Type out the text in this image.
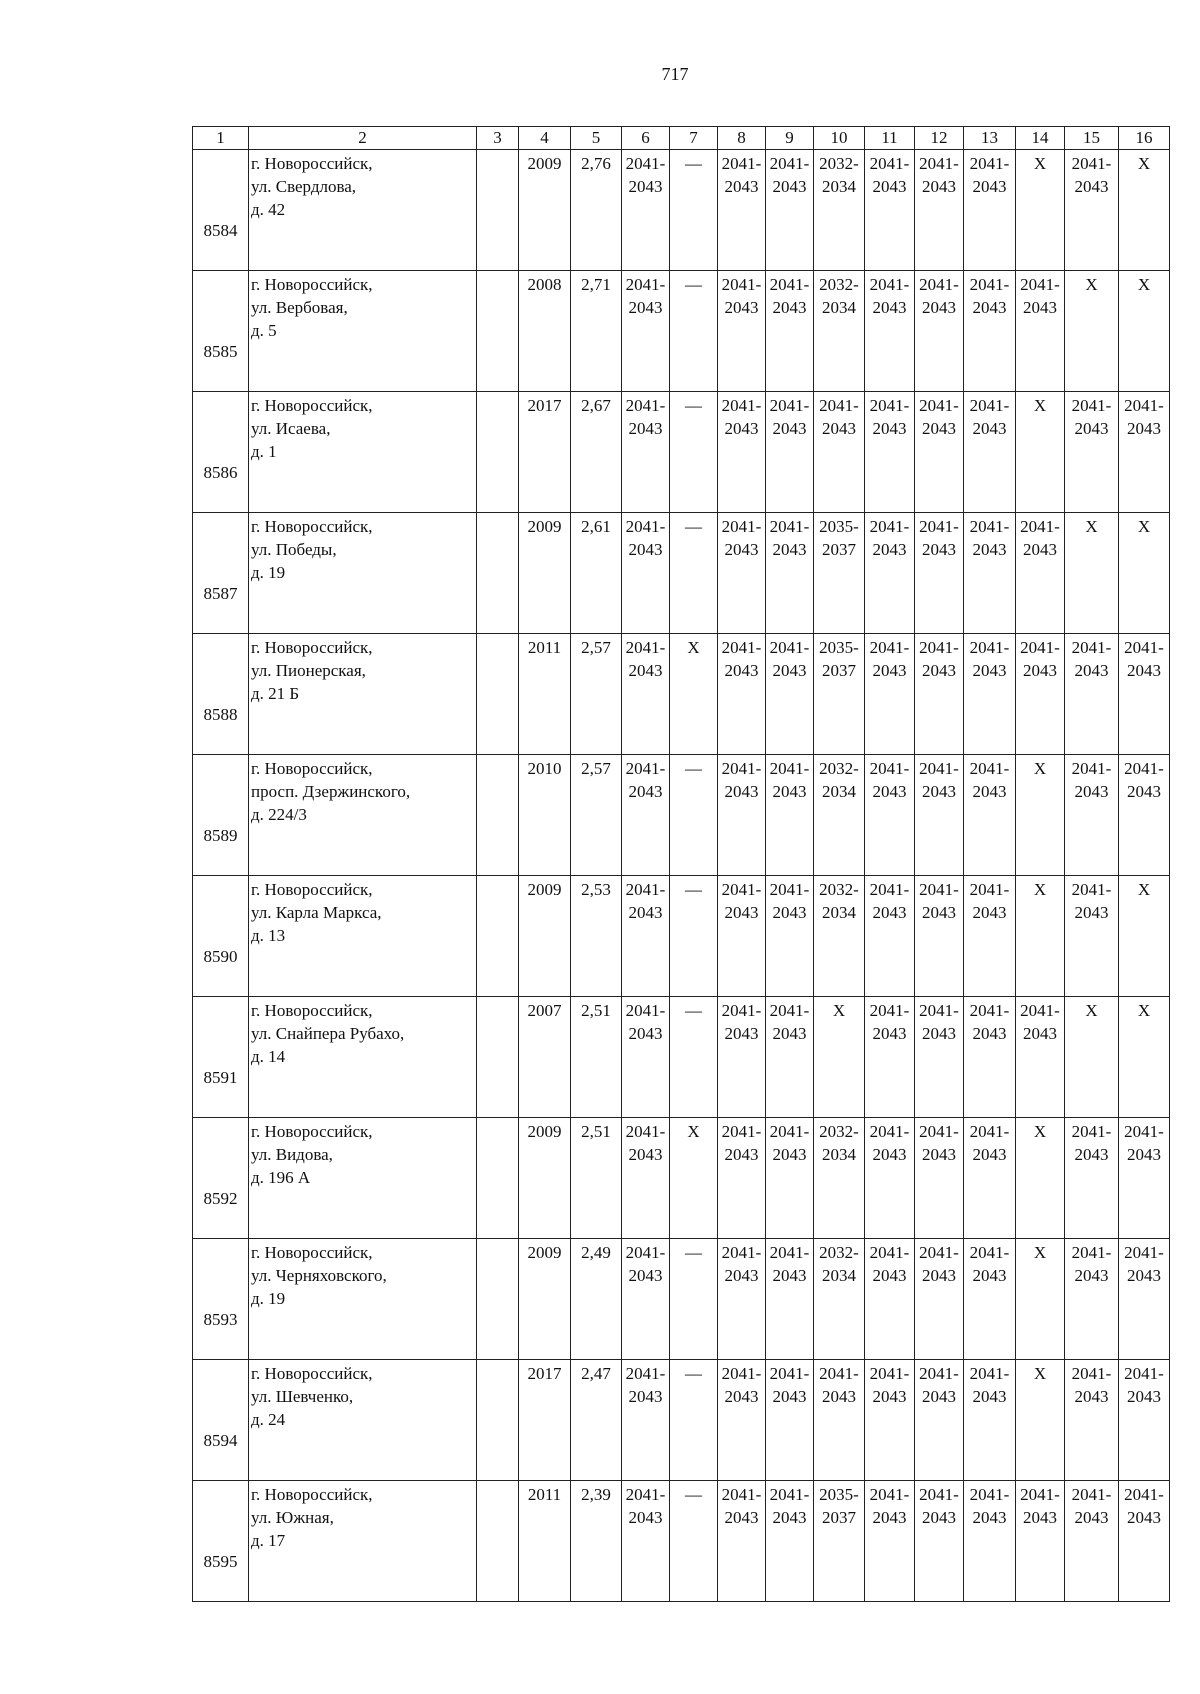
717
1	2	3	4	5	6	7	8	9	10	11	12	13	14	15	16
8584	г. Новороссийск,
ул. Свердлова,
д. 42		2009	2,76	2041-2043	—	2041-2043	2041-2043	2032-2034	2041-2043	2041-2043	2041-2043	X	2041-2043	X
8585	г. Новороссийск,
ул. Вербовая,
д. 5		2008	2,71	2041-2043	—	2041-2043	2041-2043	2032-2034	2041-2043	2041-2043	2041-2043	2041-2043	X	X
8586	г. Новороссийск,
ул. Исаева,
д. 1		2017	2,67	2041-2043	—	2041-2043	2041-2043	2041-2043	2041-2043	2041-2043	2041-2043	X	2041-2043	2041-2043
8587	г. Новороссийск,
ул. Победы,
д. 19		2009	2,61	2041-2043	—	2041-2043	2041-2043	2035-2037	2041-2043	2041-2043	2041-2043	2041-2043	X	X
8588	г. Новороссийск,
ул. Пионерская,
д. 21 Б		2011	2,57	2041-2043	X	2041-2043	2041-2043	2035-2037	2041-2043	2041-2043	2041-2043	2041-2043	2041-2043	2041-2043
8589	г. Новороссийск,
просп. Дзержинского,
д. 224/3		2010	2,57	2041-2043	—	2041-2043	2041-2043	2032-2034	2041-2043	2041-2043	2041-2043	X	2041-2043	2041-2043
8590	г. Новороссийск,
ул. Карла Маркса,
д. 13		2009	2,53	2041-2043	—	2041-2043	2041-2043	2032-2034	2041-2043	2041-2043	2041-2043	X	2041-2043	X
8591	г. Новороссийск,
ул. Снайпера Рубахо,
д. 14		2007	2,51	2041-2043	—	2041-2043	2041-2043	X	2041-2043	2041-2043	2041-2043	2041-2043	X	X
8592	г. Новороссийск,
ул. Видова,
д. 196 А		2009	2,51	2041-2043	X	2041-2043	2041-2043	2032-2034	2041-2043	2041-2043	2041-2043	X	2041-2043	2041-2043
8593	г. Новороссийск,
ул. Черняховского,
д. 19		2009	2,49	2041-2043	—	2041-2043	2041-2043	2032-2034	2041-2043	2041-2043	2041-2043	X	2041-2043	2041-2043
8594	г. Новороссийск,
ул. Шевченко,
д. 24		2017	2,47	2041-2043	—	2041-2043	2041-2043	2041-2043	2041-2043	2041-2043	2041-2043	X	2041-2043	2041-2043
8595	г. Новороссийск,
ул. Южная,
д. 17		2011	2,39	2041-2043	—	2041-2043	2041-2043	2035-2037	2041-2043	2041-2043	2041-2043	2041-2043	2041-2043	2041-2043
